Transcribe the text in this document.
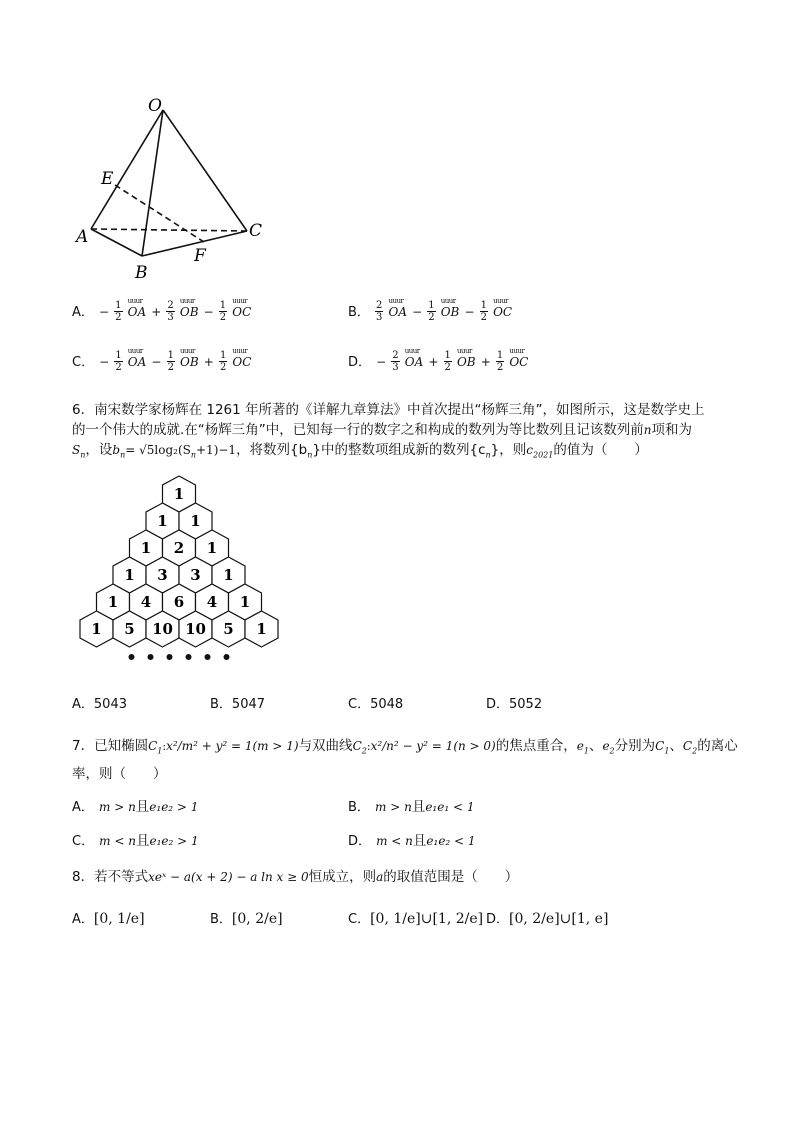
O
E
A
B
C
F
A． − $\frac{1}{2}$ uuur OA + $\frac{2}{3}$ uuur OB − $\frac{1}{2}$ uuur OC	B． $\frac{2}{3}$ uuur OA − $\frac{1}{2}$ uuur OB − $\frac{1}{2}$ uuur OC
C． − $\frac{1}{2}$ uuur OA − $\frac{1}{2}$ uuur OB + $\frac{1}{2}$ uuur OC	D． − $\frac{2}{3}$ uuur OA + $\frac{1}{2}$ uuur OB + $\frac{1}{2}$ uuur OC
6．南宋数学家杨辉在 1261 年所著的《详解九章算法》中首次提出“杨辉三角”，如图所示，这是数学史上
的一个伟大的成就.在“杨辉三角”中，已知每一行的数字之和构成的数列为等比数列且记该数列前n项和为
$S_n$，设$b_n= √5\log_2(S_n+1)-1$，将数列$\{b_n\}$中的整数项组成新的数列$\{c_n\}$，则$c_{2021}$的值为（　　）
1
1 1
1 2 1
1 3 3 1
1 4 6 4 1
1 5 10 10 5 1
A．5043	B．5047	C．5048	D．5052
7．已知椭圆$C_1:x^2/m^2 + y^2 = 1(m > 1)$与双曲线$C_2:x^2/n^2 - y^2 = 1(n > 0)$的焦点重合，$e_1$、$e_2$分别为$C_1$、$C_2$的离心
率，则（　　）
A． m > n且e₁e₂ > 1	B． m > n且e₁e₁ < 1
C． m < n且e₁e₂ > 1	D． m < n且e₁e₂ < 1
8．若不等式xeˣ − a(x + 2) − a ln x ≥ 0恒成立，则a的取值范围是（　　）
A．[0, 1/e]	B．[0, 2/e]	C．[0, 1/e]∪[1, 2/e] D．[0, 2/e]∪[1, e]
